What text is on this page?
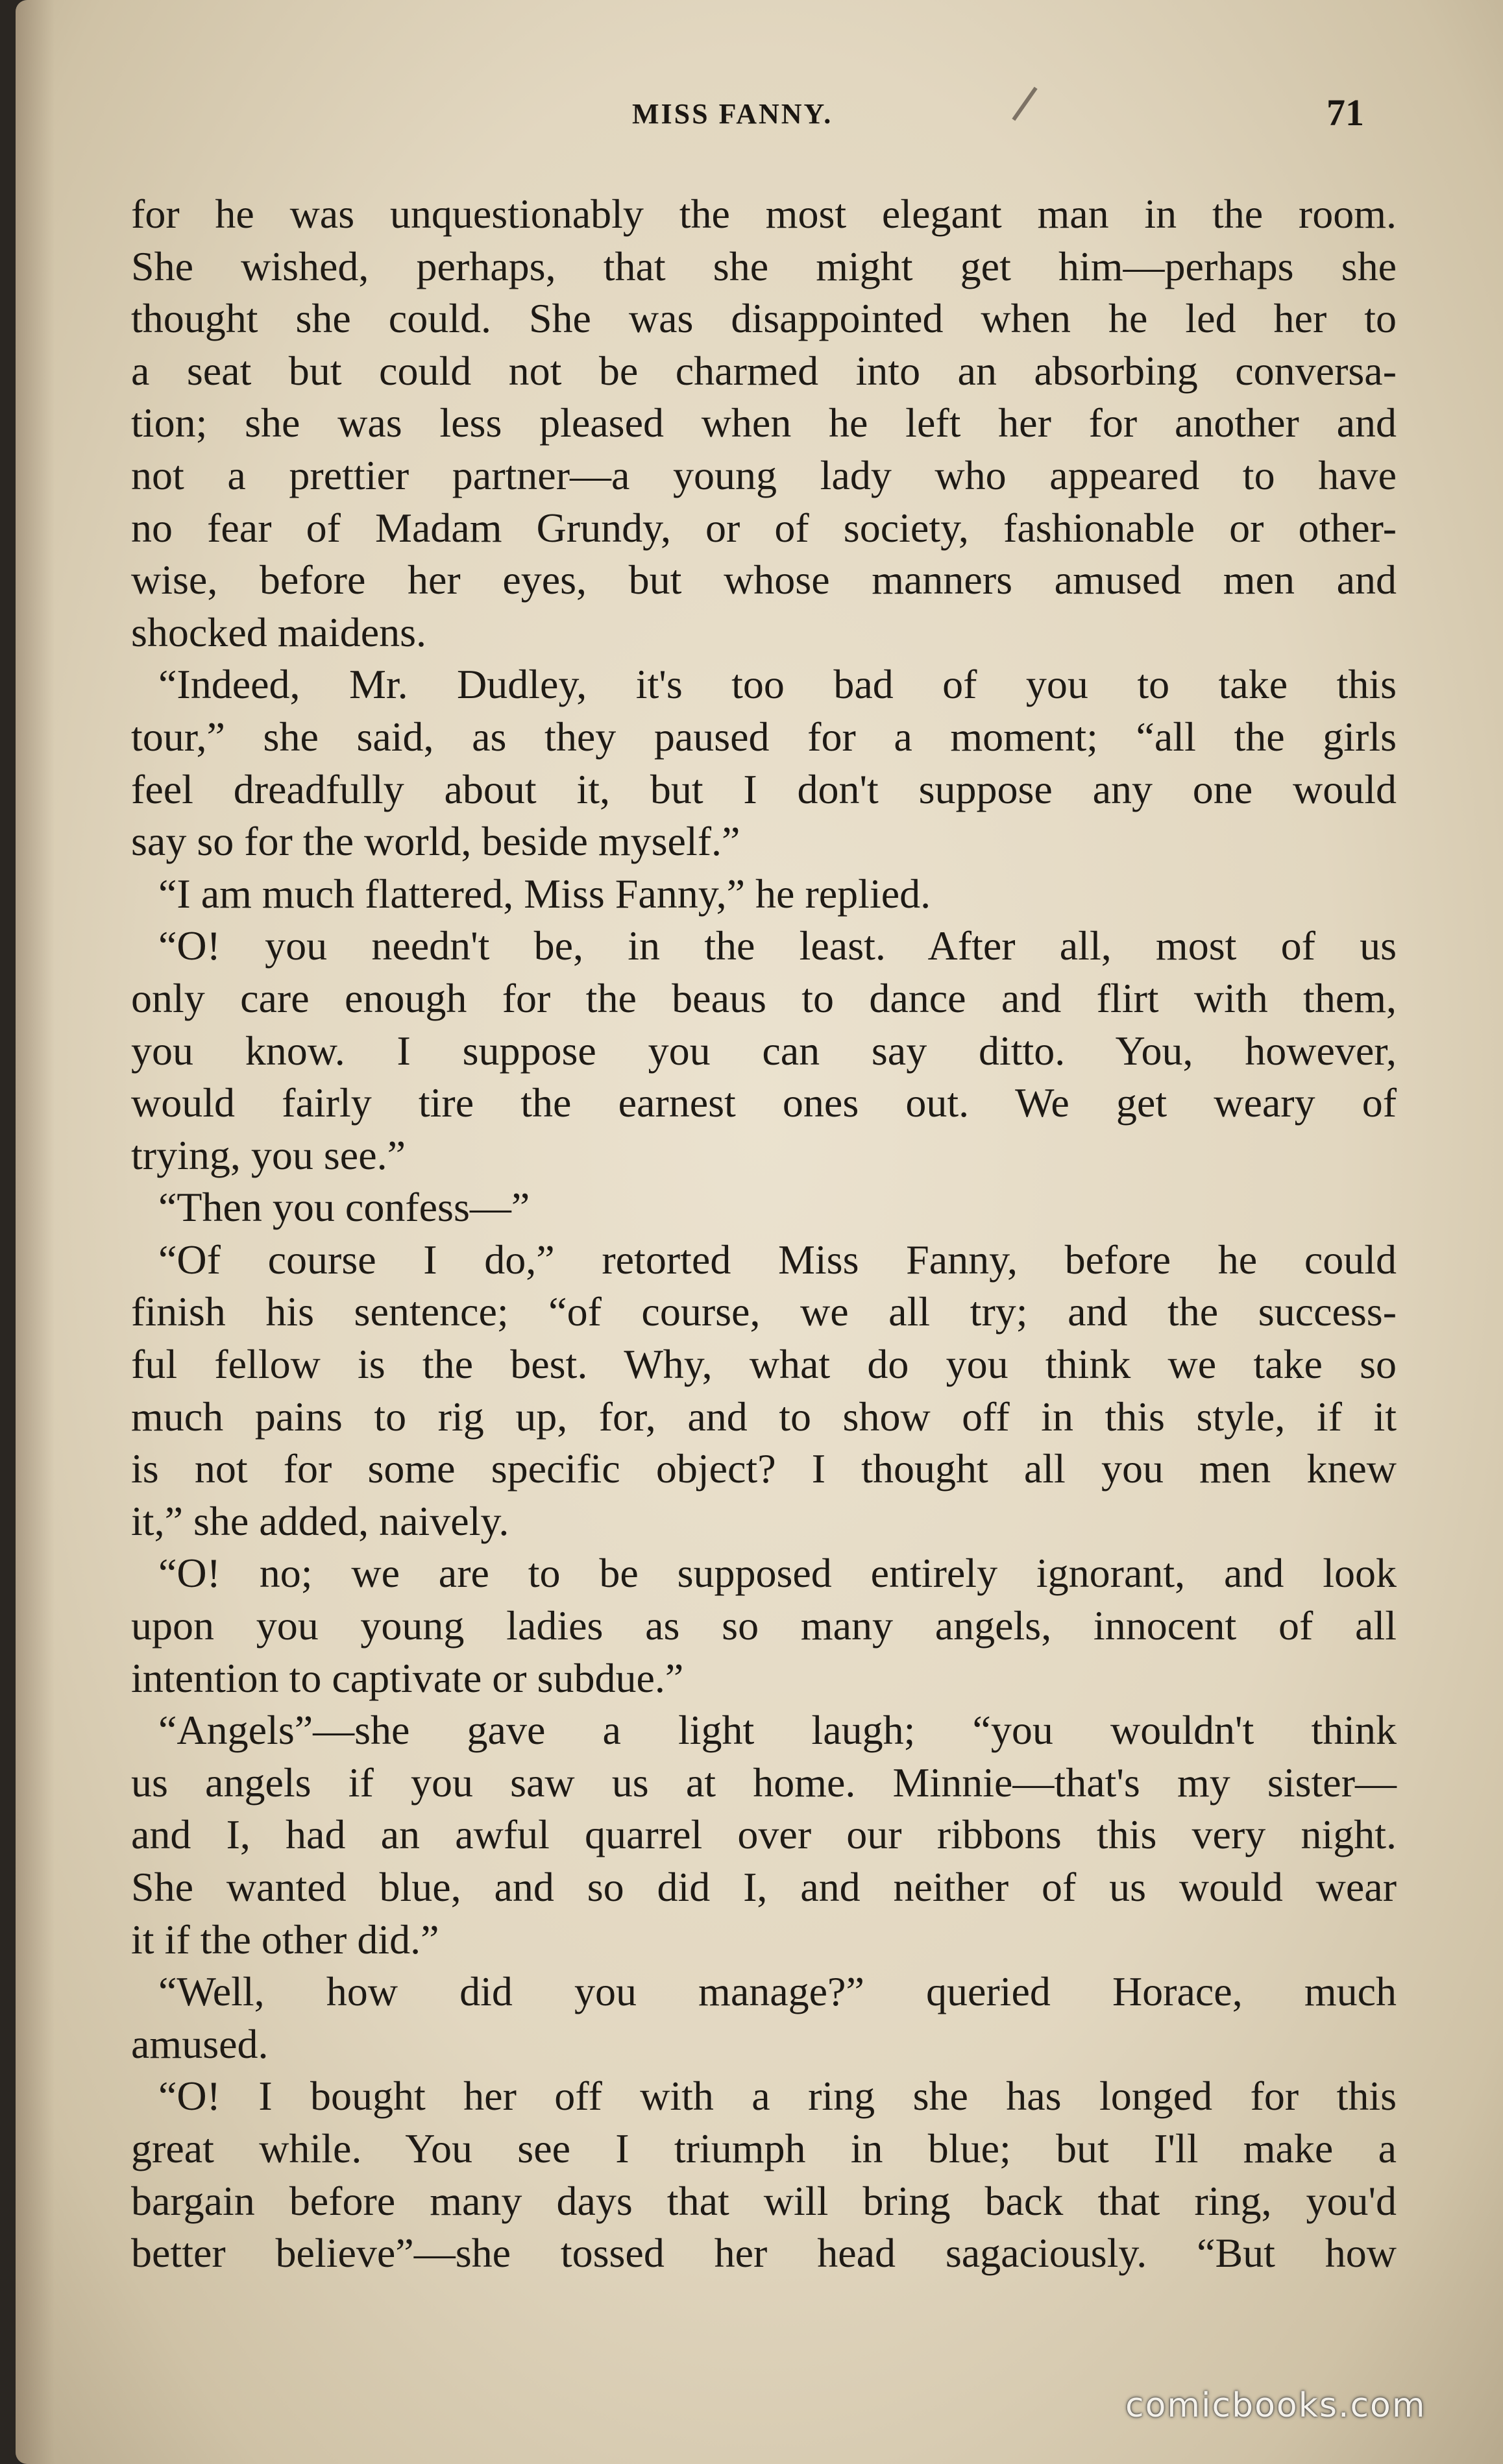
MISS FANNY.	71
for he was unquestionably the most elegant man in the room.
She wished, perhaps, that she might get him—perhaps she
thought she could. She was disappointed when he led her to
a seat but could not be charmed into an absorbing conversa-
tion; she was less pleased when he left her for another and
not a prettier partner—a young lady who appeared to have
no fear of Madam Grundy, or of society, fashionable or other-
wise, before her eyes, but whose manners amused men and
shocked maidens.
“Indeed, Mr. Dudley, it's too bad of you to take this
tour,” she said, as they paused for a moment; “all the girls
feel dreadfully about it, but I don't suppose any one would
say so for the world, beside myself.”
“I am much flattered, Miss Fanny,” he replied.
“O! you needn't be, in the least. After all, most of us
only care enough for the beaus to dance and flirt with them,
you know. I suppose you can say ditto. You, however,
would fairly tire the earnest ones out. We get weary of
trying, you see.”
“Then you confess—”
“Of course I do,” retorted Miss Fanny, before he could
finish his sentence; “of course, we all try; and the success-
ful fellow is the best. Why, what do you think we take so
much pains to rig up, for, and to show off in this style, if it
is not for some specific object? I thought all you men knew
it,” she added, naively.
“O! no; we are to be supposed entirely ignorant, and look
upon you young ladies as so many angels, innocent of all
intention to captivate or subdue.”
“Angels”—she gave a light laugh; “you wouldn't think
us angels if you saw us at home. Minnie—that's my sister—
and I, had an awful quarrel over our ribbons this very night.
She wanted blue, and so did I, and neither of us would wear
it if the other did.”
“Well, how did you manage?” queried Horace, much
amused.
“O! I bought her off with a ring she has longed for this
great while. You see I triumph in blue; but I'll make a
bargain before many days that will bring back that ring, you'd
better believe”—she tossed her head sagaciously. “But how
comicbooks.com
